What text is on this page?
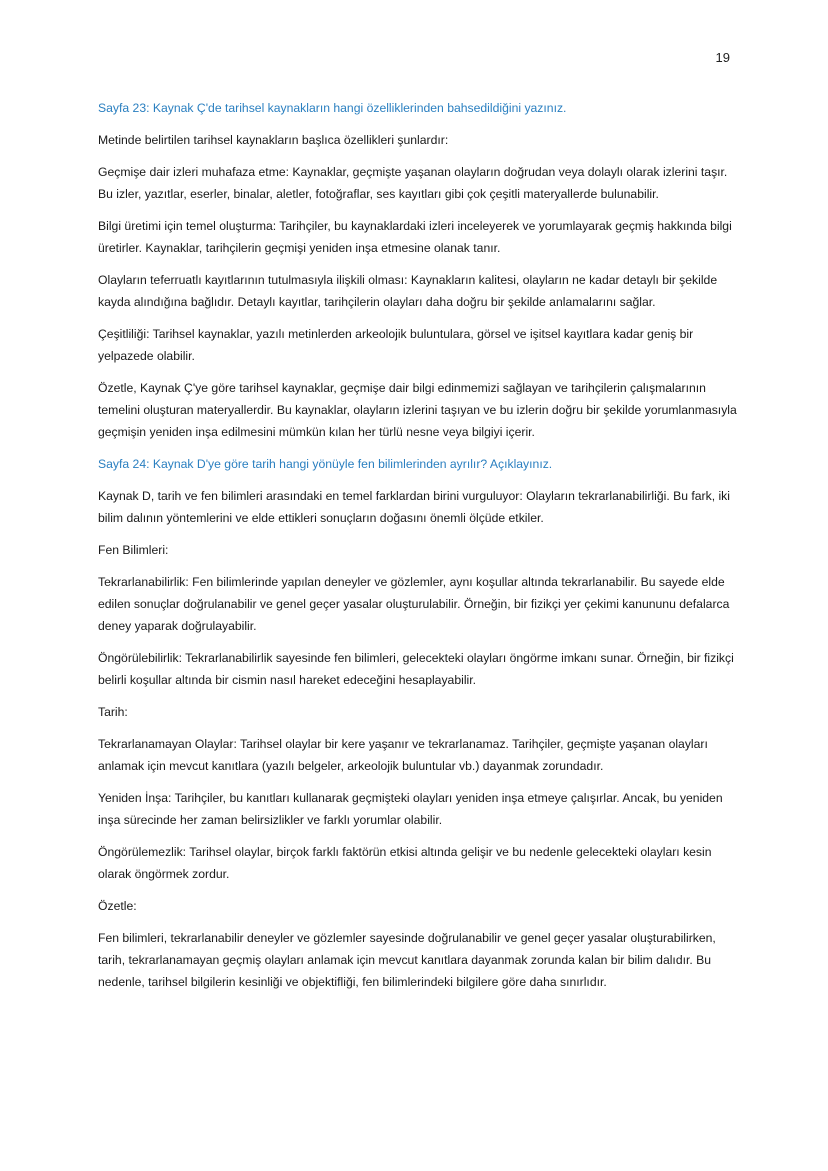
19

Sayfa 23: Kaynak Ç'de tarihsel kaynakların hangi özelliklerinden bahsedildiğini yazınız.

Metinde belirtilen tarihsel kaynakların başlıca özellikleri şunlardır:

Geçmişe dair izleri muhafaza etme: Kaynaklar, geçmişte yaşanan olayların doğrudan veya dolaylı olarak izlerini taşır. Bu izler, yazıtlar, eserler, binalar, aletler, fotoğraflar, ses kayıtları gibi çok çeşitli materyallerde bulunabilir.

Bilgi üretimi için temel oluşturma: Tarihçiler, bu kaynaklardaki izleri inceleyerek ve yorumlayarak geçmiş hakkında bilgi üretirler. Kaynaklar, tarihçilerin geçmişi yeniden inşa etmesine olanak tanır.

Olayların teferruatlı kayıtlarının tutulmasıyla ilişkili olması: Kaynakların kalitesi, olayların ne kadar detaylı bir şekilde kayda alındığına bağlıdır. Detaylı kayıtlar, tarihçilerin olayları daha doğru bir şekilde anlamalarını sağlar.

Çeşitliliği: Tarihsel kaynaklar, yazılı metinlerden arkeolojik buluntulara, görsel ve işitsel kayıtlara kadar geniş bir yelpazede olabilir.

Özetle, Kaynak Ç'ye göre tarihsel kaynaklar, geçmişe dair bilgi edinmemizi sağlayan ve tarihçilerin çalışmalarının temelini oluşturan materyallerdir. Bu kaynaklar, olayların izlerini taşıyan ve bu izlerin doğru bir şekilde yorumlanmasıyla geçmişin yeniden inşa edilmesini mümkün kılan her türlü nesne veya bilgiyi içerir.

Sayfa 24: Kaynak D'ye göre tarih hangi yönüyle fen bilimlerinden ayrılır? Açıklayınız.

Kaynak D, tarih ve fen bilimleri arasındaki en temel farklardan birini vurguluyor: Olayların tekrarlanabilirliği. Bu fark, iki bilim dalının yöntemlerini ve elde ettikleri sonuçların doğasını önemli ölçüde etkiler.

Fen Bilimleri:

Tekrarlanabilirlik: Fen bilimlerinde yapılan deneyler ve gözlemler, aynı koşullar altında tekrarlanabilir. Bu sayede elde edilen sonuçlar doğrulanabilir ve genel geçer yasalar oluşturulabilir. Örneğin, bir fizikçi yer çekimi kanununu defalarca deney yaparak doğrulayabilir.

Öngörülebilirlik: Tekrarlanabilirlik sayesinde fen bilimleri, gelecekteki olayları öngörme imkanı sunar. Örneğin, bir fizikçi belirli koşullar altında bir cismin nasıl hareket edeceğini hesaplayabilir.

Tarih:

Tekrarlanamayan Olaylar: Tarihsel olaylar bir kere yaşanır ve tekrarlanamaz. Tarihçiler, geçmişte yaşanan olayları anlamak için mevcut kanıtlara (yazılı belgeler, arkeolojik buluntular vb.) dayanmak zorundadır.

Yeniden İnşa: Tarihçiler, bu kanıtları kullanarak geçmişteki olayları yeniden inşa etmeye çalışırlar. Ancak, bu yeniden inşa sürecinde her zaman belirsizlikler ve farklı yorumlar olabilir.

Öngörülemezlik: Tarihsel olaylar, birçok farklı faktörün etkisi altında gelişir ve bu nedenle gelecekteki olayları kesin olarak öngörmek zordur.

Özetle:

Fen bilimleri, tekrarlanabilir deneyler ve gözlemler sayesinde doğrulanabilir ve genel geçer yasalar oluşturabilirken, tarih, tekrarlanamayan geçmiş olayları anlamak için mevcut kanıtlara dayanmak zorunda kalan bir bilim dalıdır. Bu nedenle, tarihsel bilgilerin kesinliği ve objektifliği, fen bilimlerindeki bilgilere göre daha sınırlıdır.
